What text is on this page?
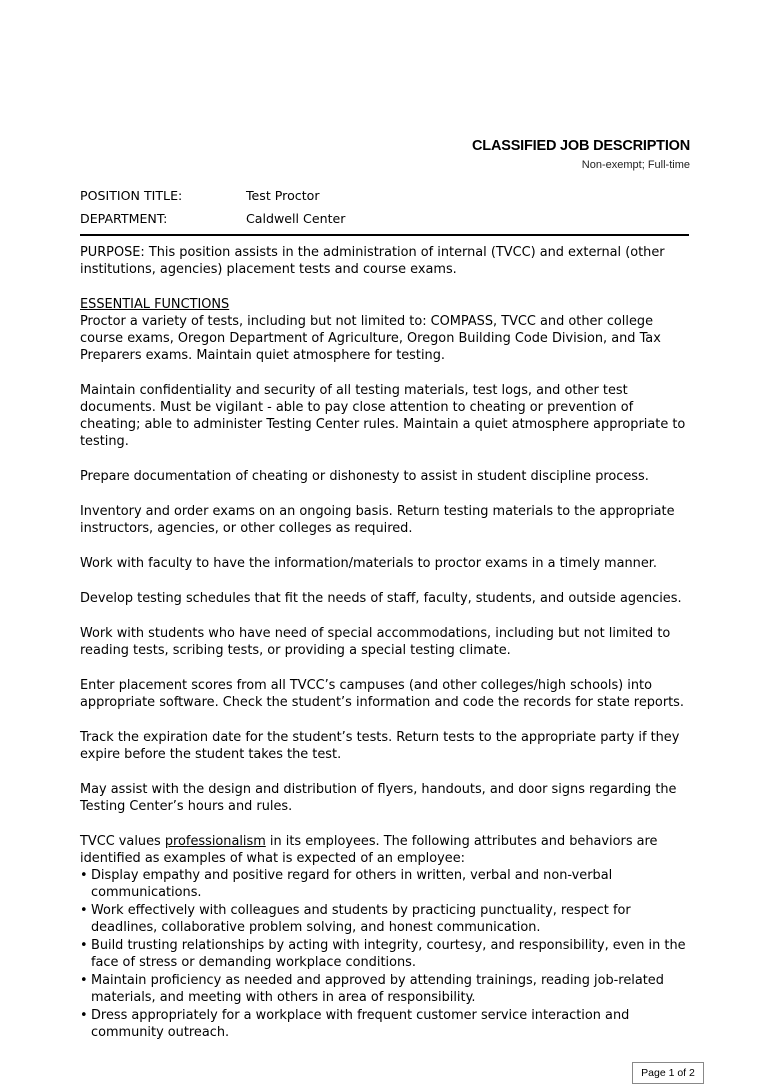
CLASSIFIED JOB DESCRIPTION
Non-exempt; Full-time
POSITION TITLE:	Test Proctor
DEPARTMENT:	Caldwell Center

PURPOSE: This position assists in the administration of internal (TVCC) and external (other institutions, agencies) placement tests and course exams.

ESSENTIAL FUNCTIONS
Proctor a variety of tests, including but not limited to: COMPASS, TVCC and other college course exams, Oregon Department of Agriculture, Oregon Building Code Division, and Tax Preparers exams. Maintain quiet atmosphere for testing.

Maintain confidentiality and security of all testing materials, test logs, and other test documents. Must be vigilant - able to pay close attention to cheating or prevention of cheating; able to administer Testing Center rules. Maintain a quiet atmosphere appropriate to testing.

Prepare documentation of cheating or dishonesty to assist in student discipline process.

Inventory and order exams on an ongoing basis. Return testing materials to the appropriate instructors, agencies, or other colleges as required.

Work with faculty to have the information/materials to proctor exams in a timely manner.

Develop testing schedules that fit the needs of staff, faculty, students, and outside agencies.

Work with students who have need of special accommodations, including but not limited to reading tests, scribing tests, or providing a special testing climate.

Enter placement scores from all TVCC’s campuses (and other colleges/high schools) into appropriate software. Check the student’s information and code the records for state reports.

Track the expiration date for the student’s tests. Return tests to the appropriate party if they expire before the student takes the test.

May assist with the design and distribution of flyers, handouts, and door signs regarding the Testing Center’s hours and rules.

TVCC values professionalism in its employees. The following attributes and behaviors are identified as examples of what is expected of an employee:
• Display empathy and positive regard for others in written, verbal and non-verbal communications.
• Work effectively with colleagues and students by practicing punctuality, respect for deadlines, collaborative problem solving, and honest communication.
• Build trusting relationships by acting with integrity, courtesy, and responsibility, even in the face of stress or demanding workplace conditions.
• Maintain proficiency as needed and approved by attending trainings, reading job-related materials, and meeting with others in area of responsibility.
• Dress appropriately for a workplace with frequent customer service interaction and community outreach.
Page 1 of 2
